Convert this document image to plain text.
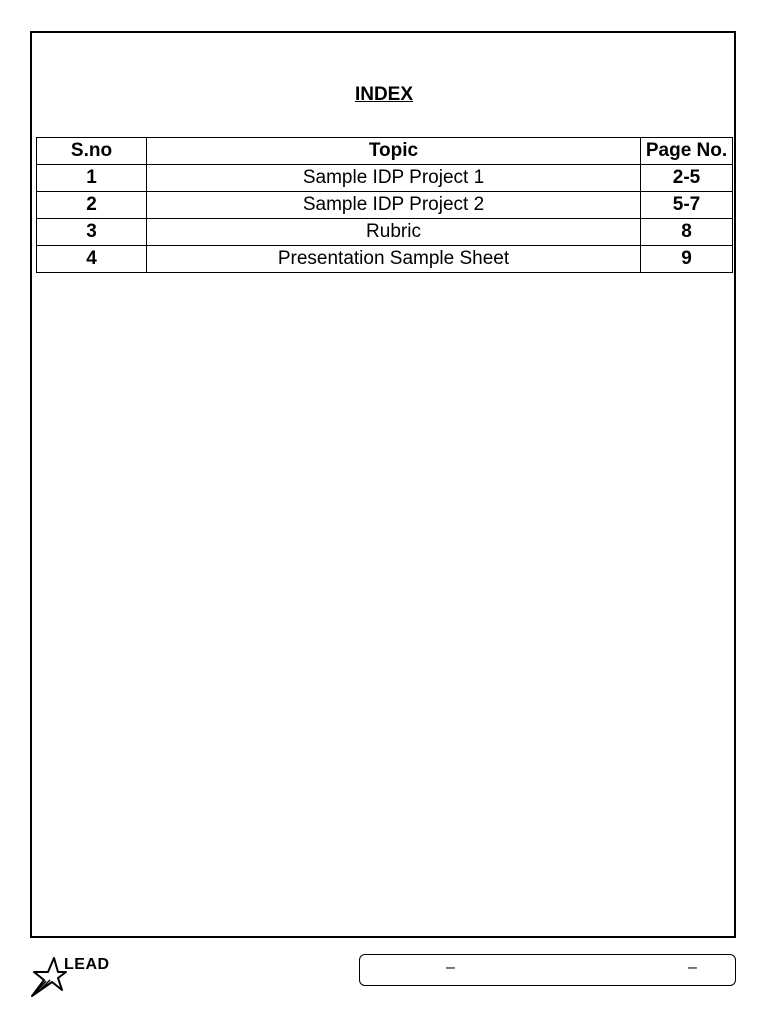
INDEX
S.no	Topic	Page No.
1	Sample IDP Project 1	2-5
2	Sample IDP Project 2	5-7
3	Rubric	8
4	Presentation Sample Sheet	9
LEAD	–	–
